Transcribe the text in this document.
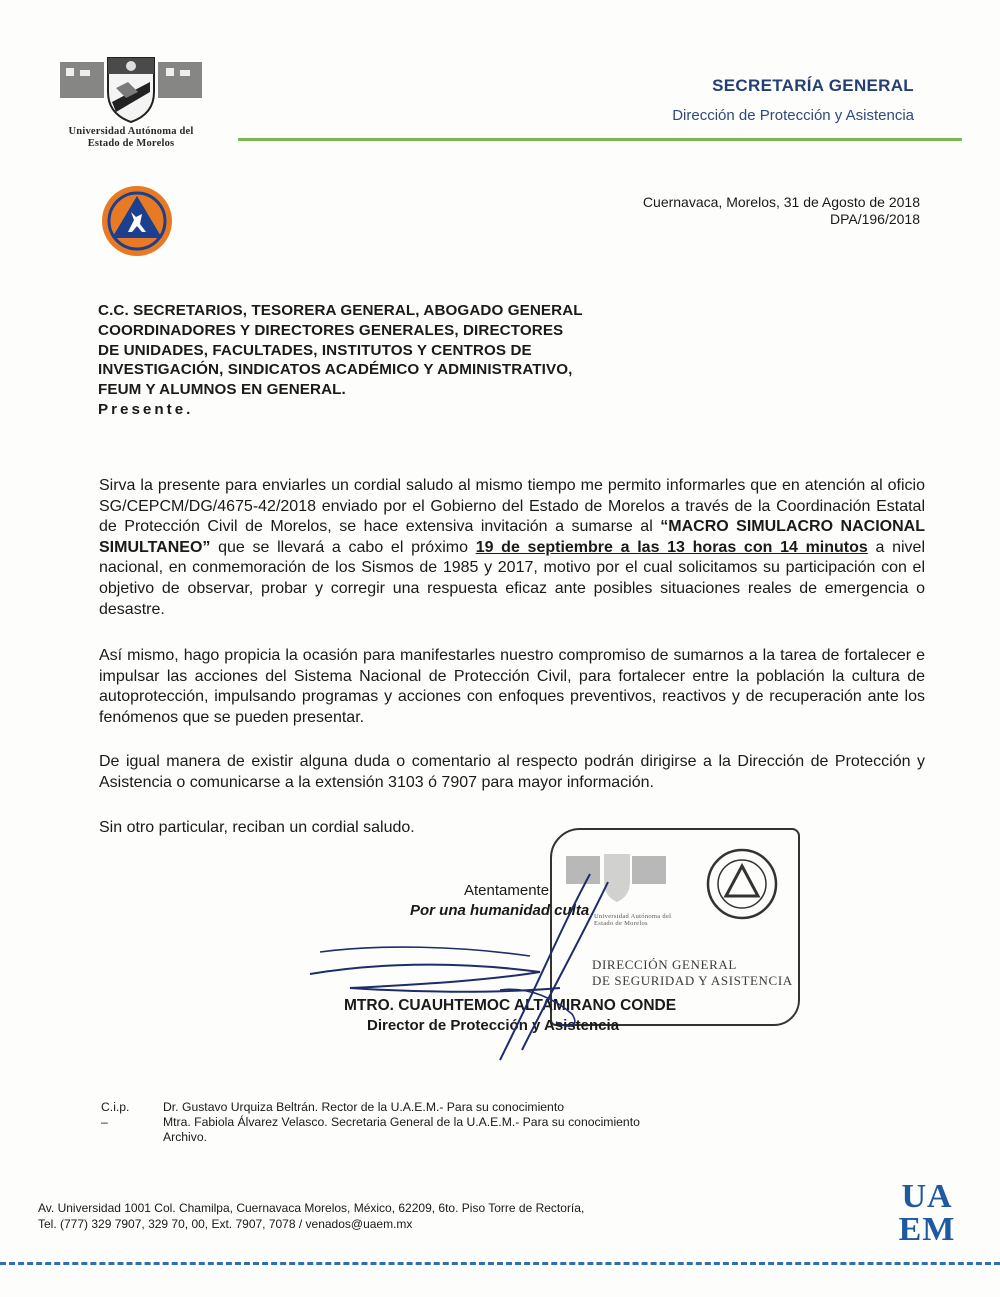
Universidad Autónoma del
Estado de Morelos
SECRETARÍA GENERAL
Dirección de Protección y Asistencia
Cuernavaca, Morelos, 31 de Agosto de 2018
DPA/196/2018
C.C. SECRETARIOS, TESORERA GENERAL, ABOGADO GENERAL
COORDINADORES Y DIRECTORES GENERALES, DIRECTORES
DE UNIDADES, FACULTADES, INSTITUTOS Y CENTROS DE
INVESTIGACIÓN, SINDICATOS ACADÉMICO Y ADMINISTRATIVO,
FEUM Y ALUMNOS EN GENERAL.
Presente.

Sirva la presente para enviarles un cordial saludo al mismo tiempo me permito informarles que en atención al oficio SG/CEPCM/DG/4675-42/2018 enviado por el Gobierno del Estado de Morelos a través de la Coordinación Estatal de Protección Civil de Morelos, se hace extensiva invitación a sumarse al “MACRO SIMULACRO NACIONAL SIMULTANEO” que se llevará a cabo el próximo 19 de septiembre a las 13 horas con 14 minutos a nivel nacional, en conmemoración de los Sismos de 1985 y 2017, motivo por el cual solicitamos su participación con el objetivo de observar, probar y corregir una respuesta eficaz ante posibles situaciones reales de emergencia o desastre.

Así mismo, hago propicia la ocasión para manifestarles nuestro compromiso de sumarnos a la tarea de fortalecer e impulsar las acciones del Sistema Nacional de Protección Civil, para fortalecer entre la población la cultura de autoprotección, impulsando programas y acciones con enfoques preventivos, reactivos y de recuperación ante los fenómenos que se pueden presentar.

De igual manera de existir alguna duda o comentario al respecto podrán dirigirse a la Dirección de Protección y Asistencia o comunicarse a la extensión 3103 ó 7907 para mayor información.

Sin otro particular, reciban un cordial saludo.

Universidad Autónoma del
Estado de Morelos
DIRECCIÓN GENERAL
DE SEGURIDAD Y ASISTENCIA
Atentamente
Por una humanidad culta
MTRO. CUAUHTEMOC ALTAMIRANO CONDE
Director de Protección y Asistencia
C.i.p. –
Dr. Gustavo Urquiza Beltrán. Rector de la U.A.E.M.- Para su conocimiento
Mtra. Fabiola Álvarez Velasco. Secretaria General de la U.A.E.M.- Para su conocimiento
Archivo.
Av. Universidad 1001 Col. Chamilpa, Cuernavaca Morelos, México, 62209, 6to. Piso Torre de Rectoría,
Tel. (777) 329 7907, 329 70, 00, Ext. 7907, 7078 / venados@uaem.mx
UA
EM
